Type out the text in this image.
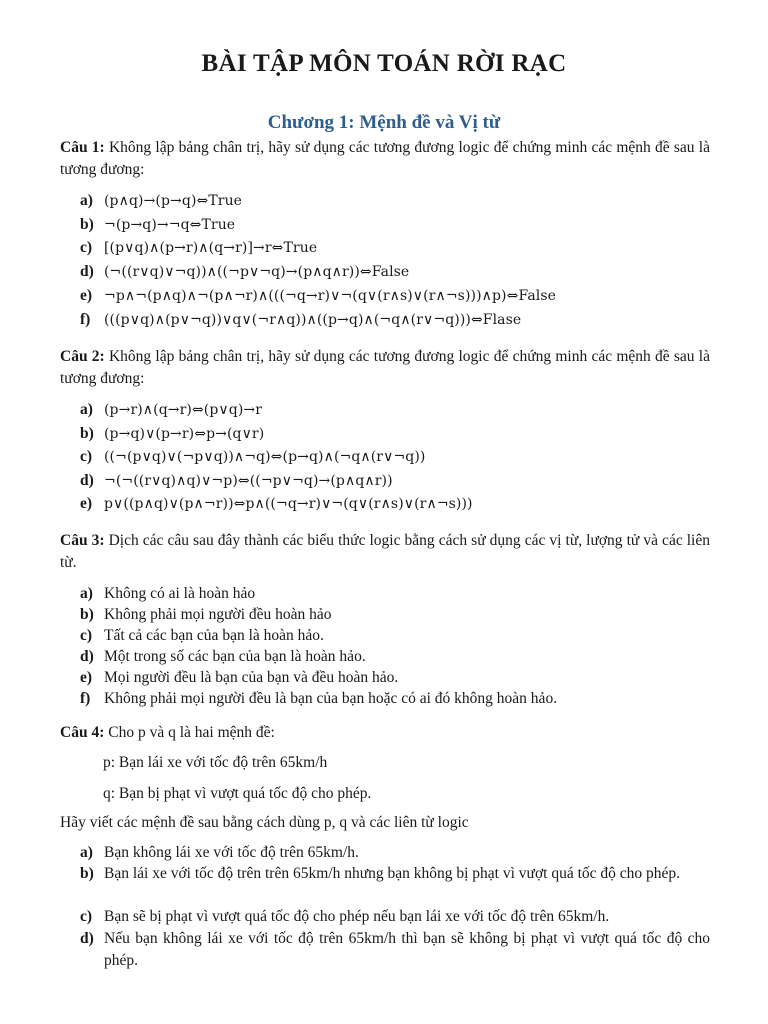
BÀI TẬP MÔN TOÁN RỜI RẠC
Chương 1: Mệnh đề và Vị từ
Câu 1: Không lập bảng chân trị, hãy sử dụng các tương đương logic để chứng minh các mệnh đề sau là tương đương:
a) (p∧q)→(p→q)⇔True
b) ¬(p→q)→¬q⇔True
c) [(p∨q)∧(p→r)∧(q→r)]→r⇔True
d) (¬((r∨q)∨¬q))∧((¬p∨¬q)→(p∧q∧r))⇔False
e) ¬p∧¬(p∧q)∧¬(p∧¬r)∧(((¬q→r)∨¬(q∨(r∧s)∨(r∧¬s)))∧p)⇔False
f) (((p∨q)∧(p∨¬q))∨q∨(¬r∧q))∧((p→q)∧(¬q∧(r∨¬q)))⇔Flase
Câu 2: Không lập bảng chân trị, hãy sử dụng các tương đương logic để chứng minh các mệnh đề sau là tương đương:
a) (p→r)∧(q→r)⇔(p∨q)→r
b) (p→q)∨(p→r)⇔p→(q∨r)
c) ((¬(p∨q)∨(¬p∨q))∧¬q)⇔(p→q)∧(¬q∧(r∨¬q))
d) ¬(¬((r∨q)∧q)∨¬p)⇔((¬p∨¬q)→(p∧q∧r))
e) p∨((p∧q)∨(p∧¬r))⇔p∧((¬q→r)∨¬(q∨(r∧s)∨(r∧¬s)))
Câu 3: Dịch các câu sau đây thành các biểu thức logic bằng cách sử dụng các vị từ, lượng tử và các liên từ.
a) Không có ai là hoàn hảo
b) Không phải mọi người đều hoàn hảo
c) Tất cả các bạn của bạn là hoàn hảo.
d) Một trong số các bạn của bạn là hoàn hảo.
e) Mọi người đều là bạn của bạn và đều hoàn hảo.
f) Không phải mọi người đều là bạn của bạn hoặc có ai đó không hoàn hảo.
Câu 4: Cho p và q là hai mệnh đề:
p: Bạn lái xe với tốc độ trên 65km/h
q: Bạn bị phạt vì vượt quá tốc độ cho phép.
Hãy viết các mệnh đề sau bằng cách dùng p, q và các liên từ logic
a) Bạn không lái xe với tốc độ trên 65km/h.
b) Bạn lái xe với tốc độ trên trên 65km/h nhưng bạn không bị phạt vì vượt quá tốc độ cho phép.
c) Bạn sẽ bị phạt vì vượt quá tốc độ cho phép nếu bạn lái xe với tốc độ trên 65km/h.
d) Nếu bạn không lái xe với tốc độ trên 65km/h thì bạn sẽ không bị phạt vì vượt quá tốc độ cho phép.
